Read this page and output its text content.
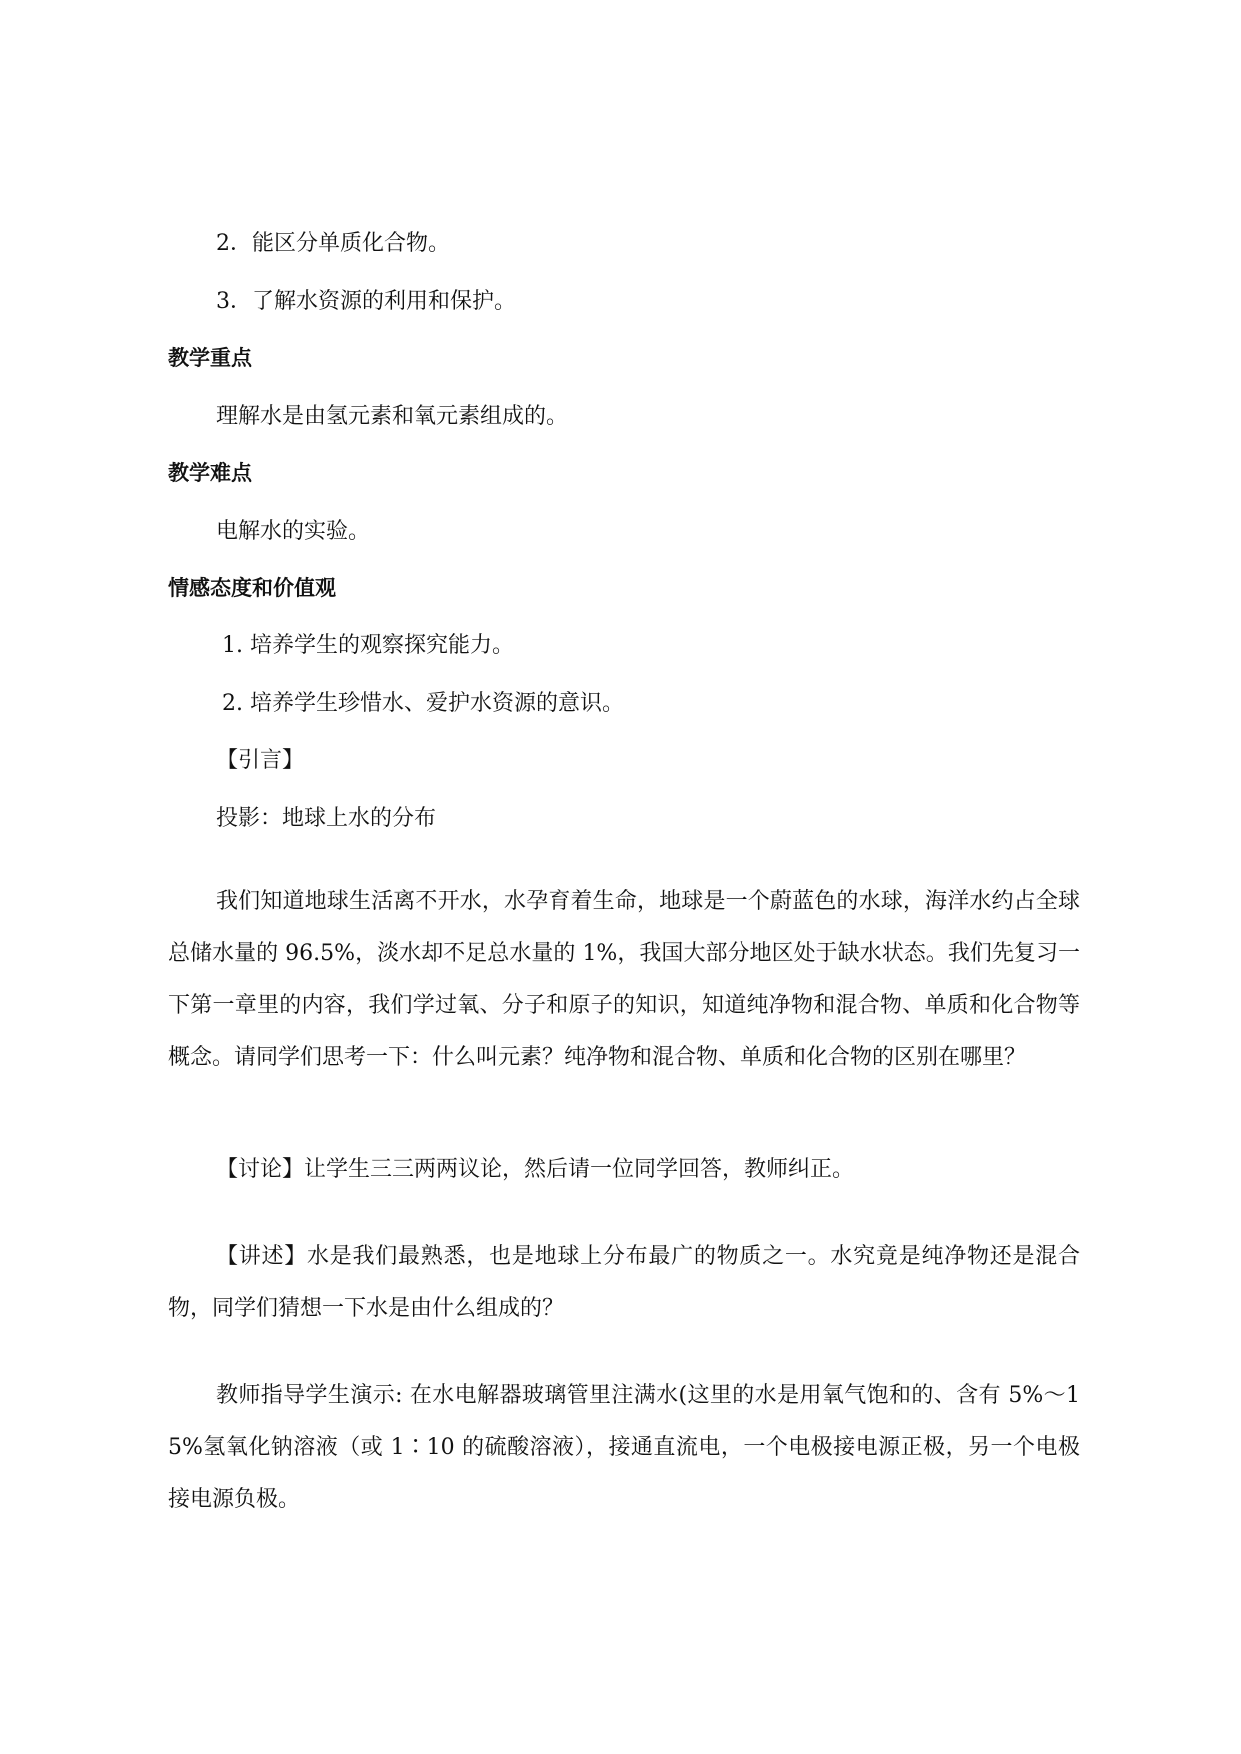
2．能区分单质化合物。
3．了解水资源的利用和保护。
教学重点
理解水是由氢元素和氧元素组成的。
教学难点
电解水的实验。
情感态度和价值观
1. 培养学生的观察探究能力。
2. 培养学生珍惜水、爱护水资源的意识。
【引言】
投影：地球上水的分布
我们知道地球生活离不开水，水孕育着生命，地球是一个蔚蓝色的水球，海洋水约占全球总储水量的 96.5%，淡水却不足总水量的 1%，我国大部分地区处于缺水状态。我们先复习一下第一章里的内容，我们学过氧、分子和原子的知识，知道纯净物和混合物、单质和化合物等概念。请同学们思考一下：什么叫元素？纯净物和混合物、单质和化合物的区别在哪里？
【讨论】让学生三三两两议论，然后请一位同学回答，教师纠正。
【讲述】水是我们最熟悉，也是地球上分布最广的物质之一。水究竟是纯净物还是混合物，同学们猜想一下水是由什么组成的？
教师指导学生演示: 在水电解器玻璃管里注满水(这里的水是用氧气饱和的、含有 5%～15%氢氧化钠溶液（或 1∶10 的硫酸溶液），接通直流电，一个电极接电源正极，另一个电极接电源负极。
